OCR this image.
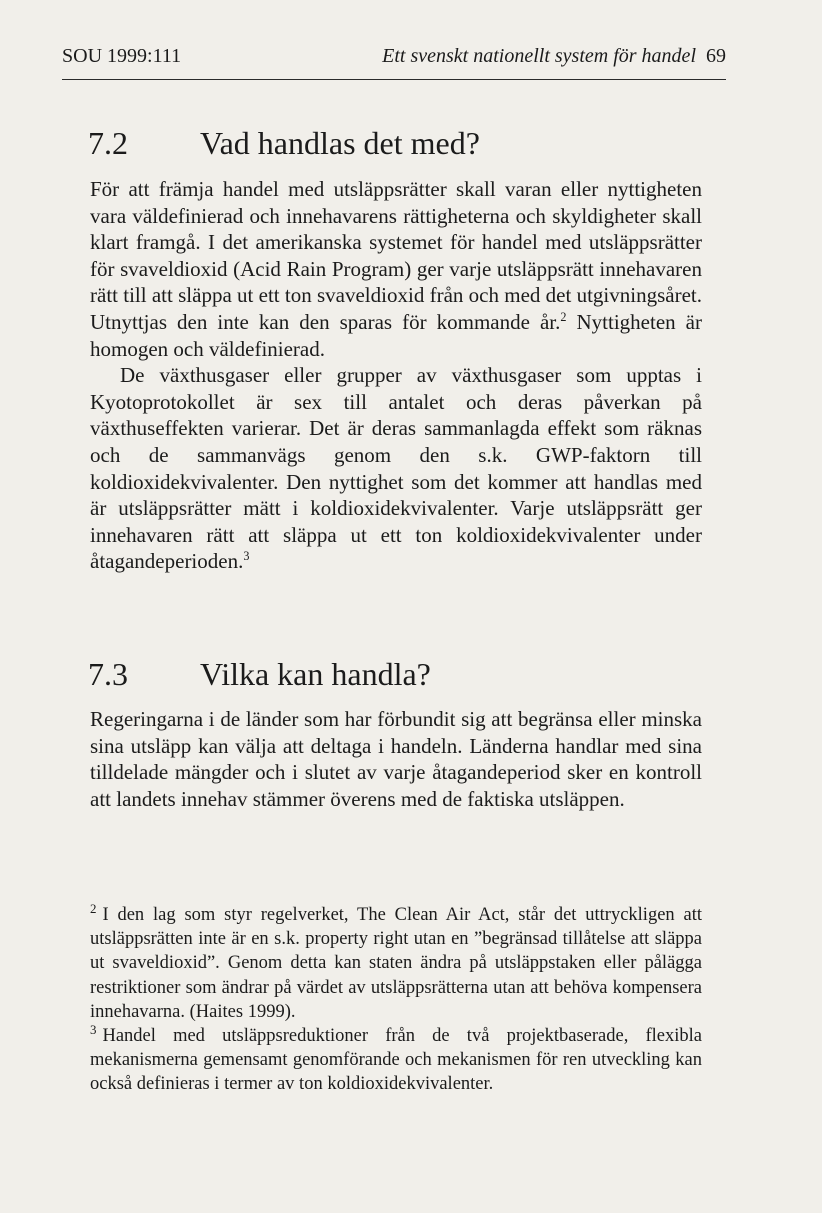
SOU 1999:111	Ett svenskt nationellt system för handel 69
7.2 Vad handlas det med?

För att främja handel med utsläppsrätter skall varan eller nyttigheten vara väldefinierad och innehavarens rättigheterna och skyldigheter skall klart framgå. I det amerikanska systemet för handel med utsläppsrätter för svaveldioxid (Acid Rain Program) ger varje utsläppsrätt innehavaren rätt till att släppa ut ett ton svaveldioxid från och med det utgivningsåret. Utnyttjas den inte kan den sparas för kommande år.$^2$ Nyttigheten är homogen och väldefinierad.

De växthusgaser eller grupper av växthusgaser som upptas i Kyotoprotokollet är sex till antalet och deras påverkan på växthuseffekten varierar. Det är deras sammanlagda effekt som räknas och de sammanvägs genom den s.k. GWP-faktorn till koldioxidekvivalenter. Den nyttighet som det kommer att handlas med är utsläppsrätter mätt i koldioxidekvivalenter. Varje utsläppsrätt ger innehavaren rätt att släppa ut ett ton koldioxidekvivalenter under åtagandeperioden.$^3$

7.3 Vilka kan handla?

Regeringarna i de länder som har förbundit sig att begränsa eller minska sina utsläpp kan välja att deltaga i handeln. Länderna handlar med sina tilldelade mängder och i slutet av varje åtagandeperiod sker en kontroll att landets innehav stämmer överens med de faktiska utsläppen.

$^2$ I den lag som styr regelverket, The Clean Air Act, står det uttryckligen att utsläppsrätten inte är en s.k. property right utan en ”begränsad tillåtelse att släppa ut svaveldioxid”. Genom detta kan staten ändra på utsläppstaken eller pålägga restriktioner som ändrar på värdet av utsläppsrätterna utan att behöva kompensera innehavarna. (Haites 1999).

$^3$ Handel med utsläppsreduktioner från de två projektbaserade, flexibla mekanismerna gemensamt genomförande och mekanismen för ren utveckling kan också definieras i termer av ton koldioxidekvivalenter.
